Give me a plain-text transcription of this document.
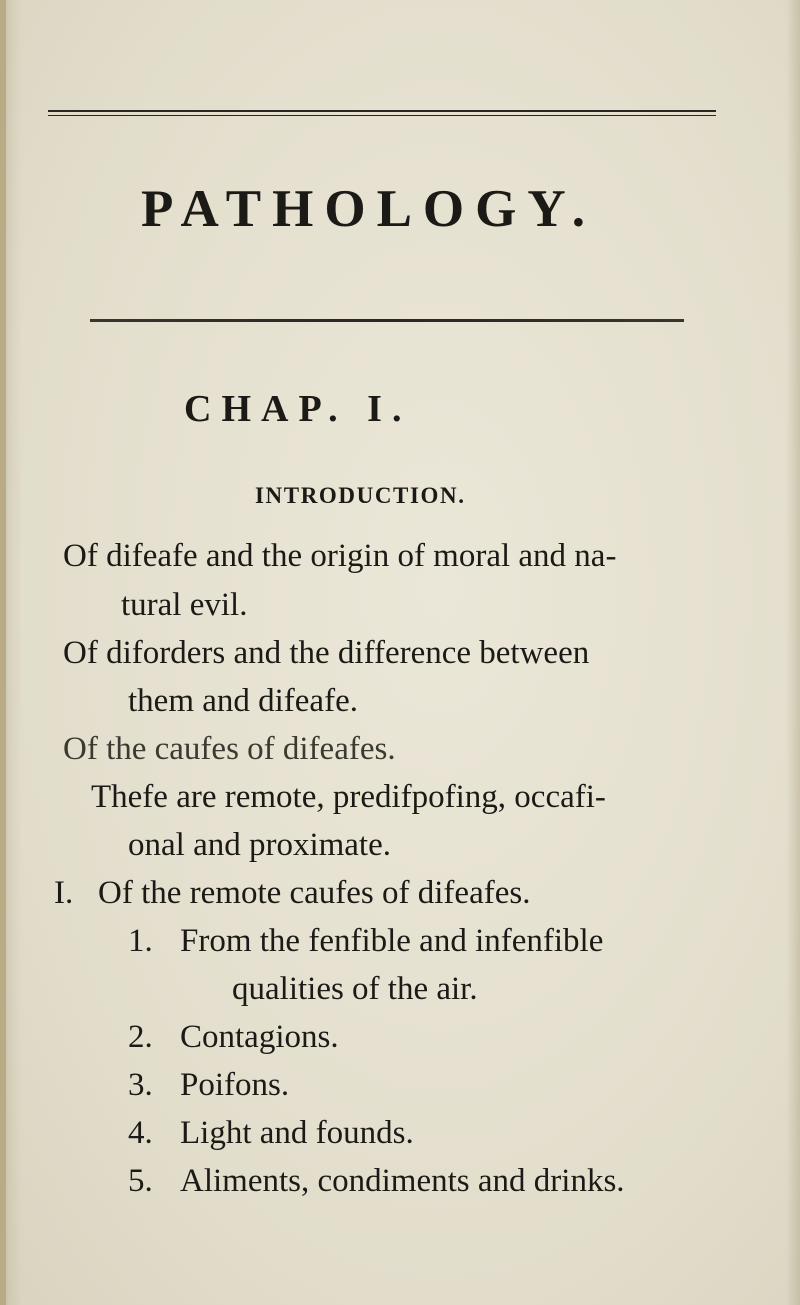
PATHOLOGY.
CHAP. I.
INTRODUCTION.

Of difeafe and the origin of moral and na-

tural evil.

Of diforders and the difference between

them and difeafe.

Of the caufes of difeafes.

Thefe are remote, predifpofing, occafi-

onal and proximate.

I. Of the remote caufes of difeafes.

1. From the fenfible and infenfible
qualities of the air.
2. Contagions.
3. Poifons.
4. Light and founds.
5. Aliments, condiments and drinks.
